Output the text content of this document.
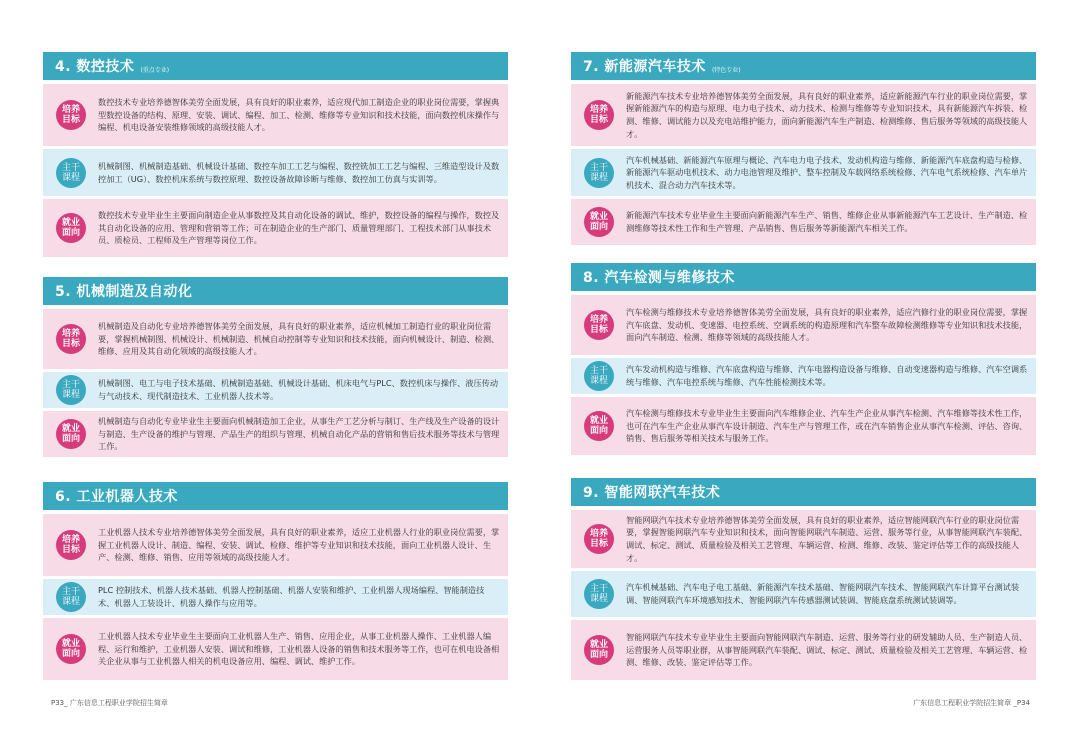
4. 数控技术 (重点专业)
培养
目标
数控技术专业培养德智体美劳全面发展，具有良好的职业素养，适应现代加工制造企业的职业岗位需要，掌握典型数控设备的结构、原理、安装、调试、编程、加工、检测、维修等专业知识和技术技能，面向数控机床操作与编程、机电设备安装维修领域的高级技能人才。
主干
课程
机械制图、机械制造基础、机械设计基础、数控车加工工艺与编程、数控铣加工工艺与编程、三维造型设计及数控加工（UG）、数控机床系统与数控原理、数控设备故障诊断与维修、数控加工仿真与实训等。
就业
面向
数控技术专业毕业生主要面向制造企业从事数控及其自动化设备的调试、维护，数控设备的编程与操作，数控及其自动化设备的应用、管理和营销等工作；可在制造企业的生产部门、质量管理部门、工程技术部门从事技术员、质检员、工程师及生产管理等岗位工作。
5. 机械制造及自动化
培养
目标
机械制造及自动化专业培养德智体美劳全面发展，具有良好的职业素养，适应机械加工制造行业的职业岗位需要，掌握机械制图、机械设计、机械制造、机械自动控制等专业知识和技术技能，面向机械设计、制造、检测、维修、应用及其自动化领域的高级技能人才。
主干
课程
机械制图、电工与电子技术基础、机械制造基础、机械设计基础、机床电气与PLC、数控机床与操作、液压传动与气动技术、现代制造技术、工业机器人技术等。
就业
面向
机械制造与自动化专业毕业生主要面向机械制造加工企业，从事生产工艺分析与制订、生产线及生产设备的设计与制造、生产设备的维护与管理、产品生产的组织与管理、机械自动化产品的营销和售后技术服务等技术与管理工作。
6. 工业机器人技术
培养
目标
工业机器人技术专业培养德智体美劳全面发展，具有良好的职业素养，适应工业机器人行业的职业岗位需要，掌握工业机器人设计、制造、编程、安装、调试、检修、维护等专业知识和技术技能，面向工业机器人设计、生产、检测、维修、销售、应用等领域的高级技能人才。
主干
课程
PLC 控制技术、机器人技术基础、机器人控制基础、机器人安装和维护、工业机器人现场编程、智能制造技术、机器人工装设计、机器人操作与应用等。
就业
面向
工业机器人技术专业毕业生主要面向工业机器人生产、销售、应用企业，从事工业机器人操作、工业机器人编程、运行和维护，工业机器人安装、调试和维修，工业机器人设备的销售和技术服务等工作，也可在机电设备相关企业从事与工业机器人相关的机电设备应用、编程、调试、维护工作。
7. 新能源汽车技术 (特色专业)
培养
目标
新能源汽车技术专业培养德智体美劳全面发展，具有良好的职业素养，适应新能源汽车行业的职业岗位需要，掌握新能源汽车的构造与原理、电力电子技术、动力技术、检测与维修等专业知识技术，具有新能源汽车拆装、检测、维修、调试能力以及充电站维护能力，面向新能源汽车生产制造、检测维修、售后服务等领域的高级技能人才。
主干
课程
汽车机械基础、新能源汽车原理与概论、汽车电力电子技术、发动机构造与维修、新能源汽车底盘构造与检修、新能源汽车驱动电机技术、动力电池管理及维护、整车控制及车载网络系统检修、汽车电气系统检修、汽车单片机技术、混合动力汽车技术等。
就业
面向
新能源汽车技术专业毕业生主要面向新能源汽车生产、销售、维修企业从事新能源汽车工艺设计、生产制造、检测维修等技术性工作和生产管理、产品销售、售后服务等新能源汽车相关工作。
8. 汽车检测与维修技术
培养
目标
汽车检测与维修技术专业培养德智体美劳全面发展，具有良好的职业素养，适应汽修行业的职业岗位需要，掌握汽车底盘、发动机、变速器、电控系统、空调系统的构造原理和汽车整车故障检测维修等专业知识和技术技能，面向汽车制造、检测、维修等领域的高级技能人才。
主干
课程
汽车发动机构造与维修、汽车底盘构造与维修、汽车电器构造设备与维修、自动变速器构造与维修、汽车空调系统与维修、汽车电控系统与维修、汽车性能检测技术等。
就业
面向
汽车检测与维修技术专业毕业生主要面向汽车维修企业、汽车生产企业从事汽车检测、汽车维修等技术性工作，也可在汽车生产企业从事汽车设计制造、汽车生产与管理工作，或在汽车销售企业从事汽车检测、评估、咨询、销售、售后服务等相关技术与服务工作。
9. 智能网联汽车技术
培养
目标
智能网联汽车技术专业培养德智体美劳全面发展，具有良好的职业素养，适应智能网联汽车行业的职业岗位需要，掌握智能网联汽车专业知识和技术，面向智能网联汽车制造、运营、服务等行业，从事智能网联汽车装配、调试、标定、测试、质量检验及相关工艺管理、车辆运营、检测、维修、改装、鉴定评估等工作的高级技能人才。
主干
课程
汽车机械基础、汽车电子电工基础、新能源汽车技术基础、智能网联汽车技术、智能网联汽车计算平台测试装调、智能网联汽车环境感知技术、智能网联汽车传感器测试装调、智能底盘系统测试装调等。
就业
面向
智能网联汽车技术专业毕业生主要面向智能网联汽车制造、运营、服务等行业的研发辅助人员、生产制造人员、运营服务人员等职业群，从事智能网联汽车装配、调试、标定、测试、质量检验及相关工艺管理、车辆运营、检测、维修、改装、鉴定评估等工作。
P33_ 广东信息工程职业学院招生简章	广东信息工程职业学院招生简章 _P34
